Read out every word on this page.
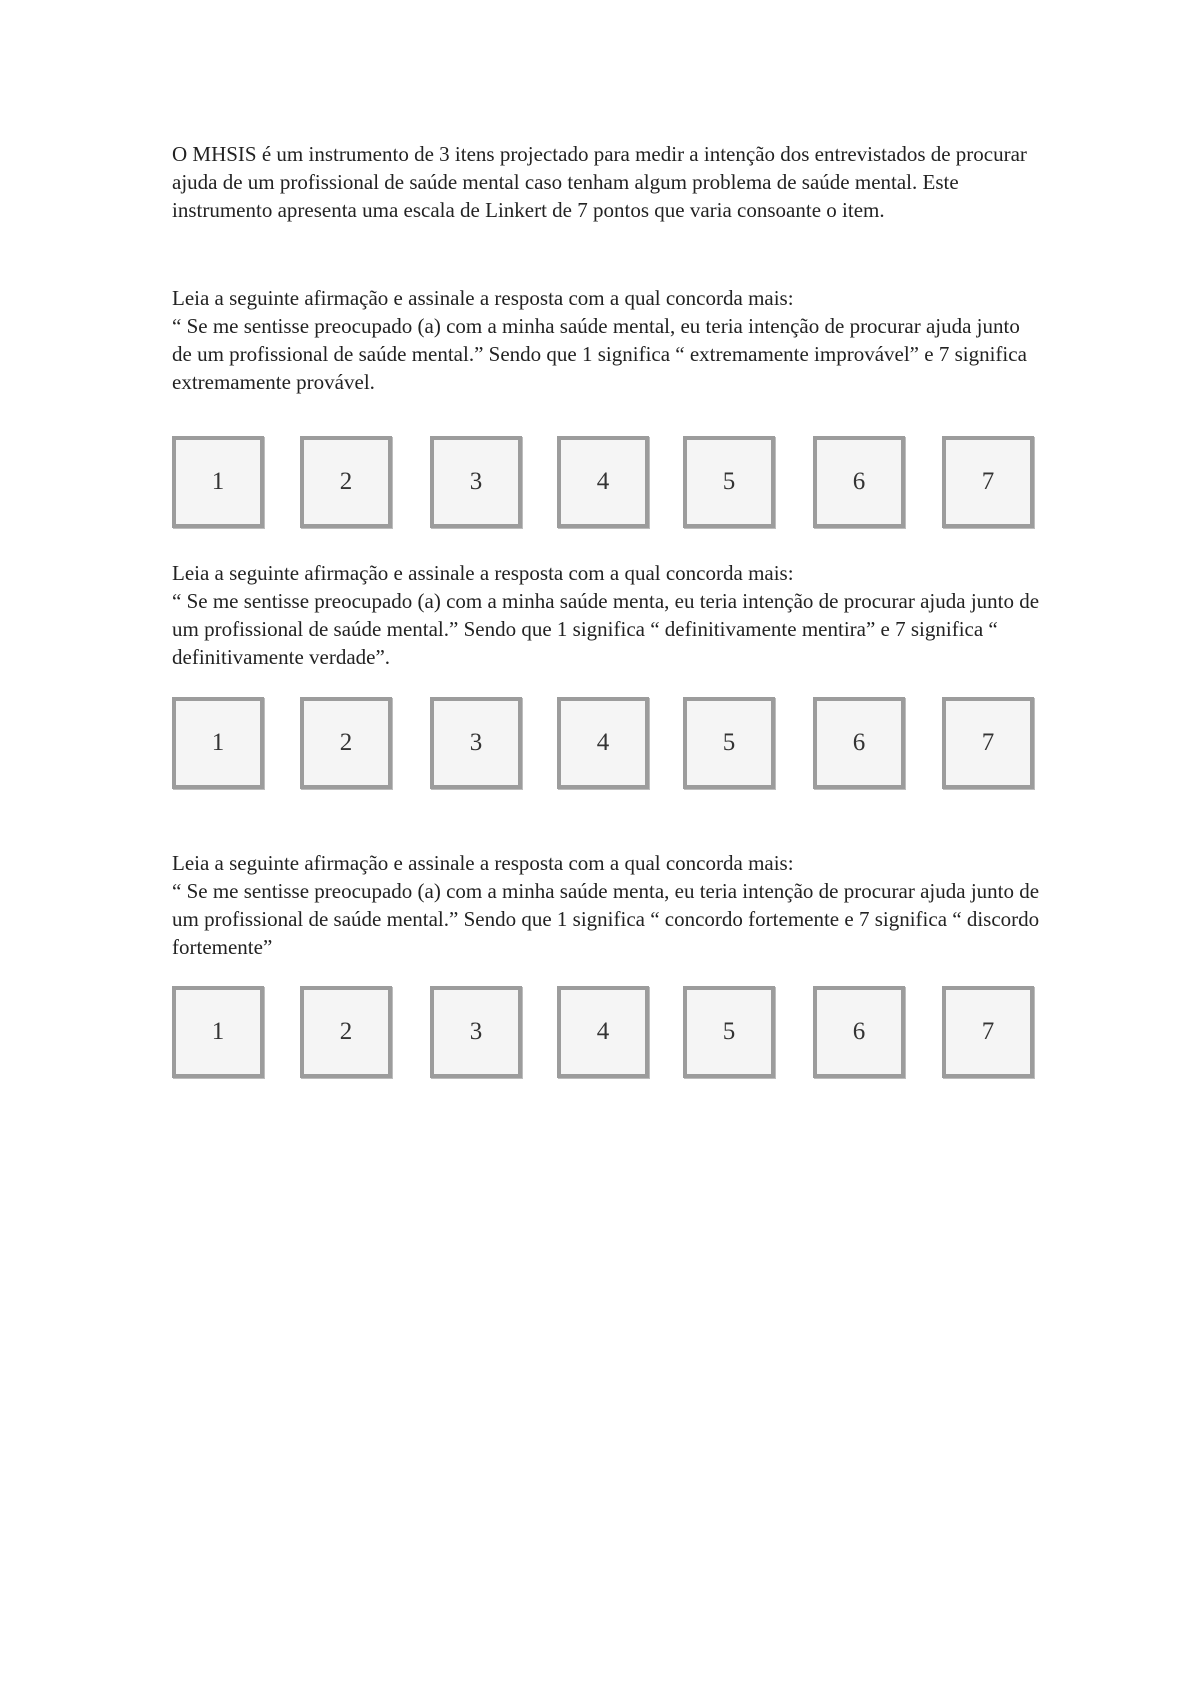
O MHSIS é um instrumento de 3 itens projectado para medir a intenção dos entrevistados de procurar ajuda de um profissional de saúde mental caso tenham algum problema de saúde mental. Este instrumento apresenta uma escala de Linkert de 7 pontos que varia consoante o item.

Leia a seguinte afirmação e assinale a resposta com a qual concorda mais:

“ Se me sentisse preocupado (a) com a minha saúde mental, eu teria intenção de procurar ajuda junto de um profissional de saúde mental.” Sendo que 1 significa “ extremamente improvável” e 7 significa extremamente provável.

1	2	3	4	5	6	7

Leia a seguinte afirmação e assinale a resposta com a qual concorda mais:

“ Se me sentisse preocupado (a) com a minha saúde menta, eu teria intenção de procurar ajuda junto de um profissional de saúde mental.” Sendo que 1 significa “ definitivamente mentira” e 7 significa “ definitivamente verdade”.

1	2	3	4	5	6	7

Leia a seguinte afirmação e assinale a resposta com a qual concorda mais:

“ Se me sentisse preocupado (a) com a minha saúde menta, eu teria intenção de procurar ajuda junto de um profissional de saúde mental.” Sendo que 1 significa “ concordo fortemente e 7 significa “ discordo fortemente”

1	2	3	4	5	6	7
